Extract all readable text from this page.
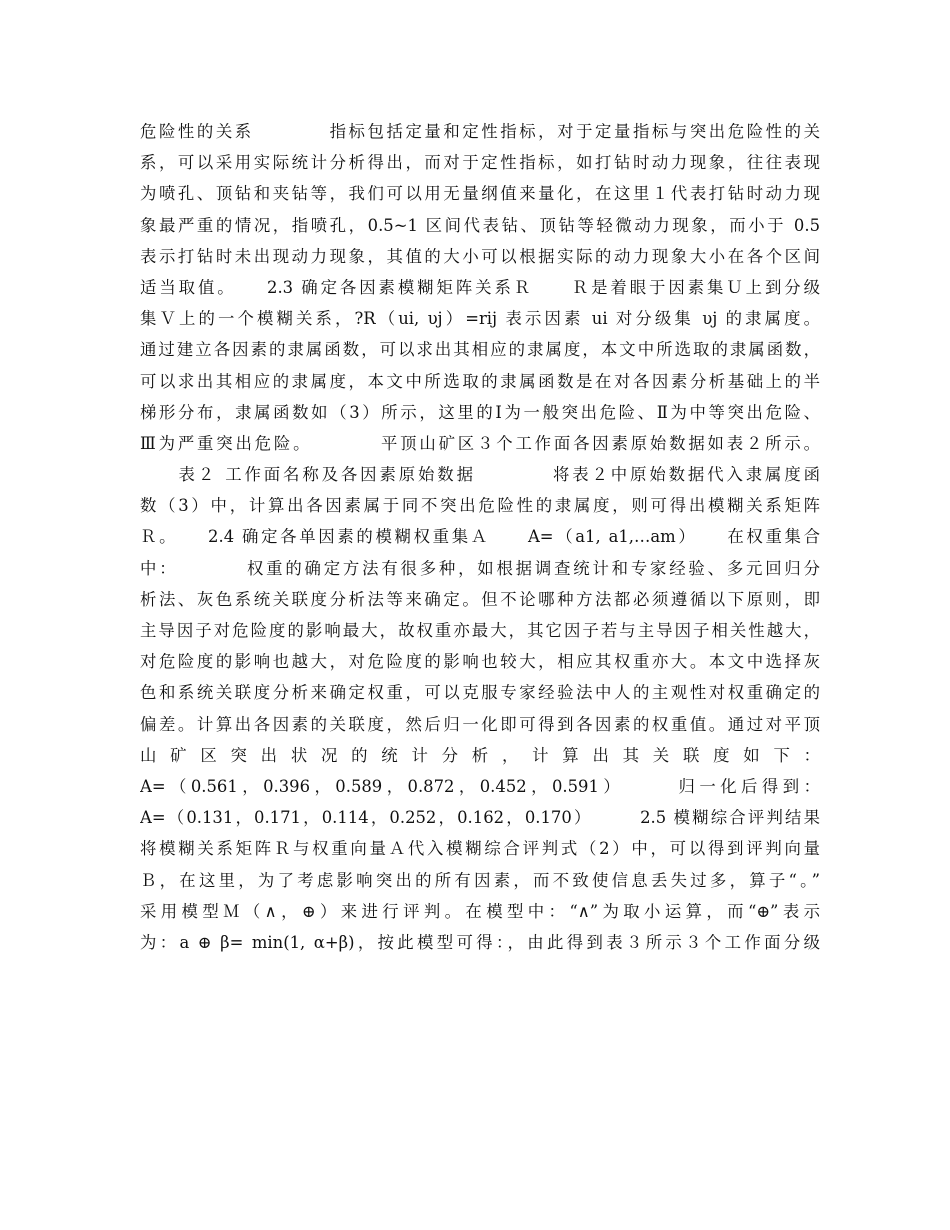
危险性的关系　　　　指标包括定量和定性指标，对于定量指标与突出危险性的关
系，可以采用实际统计分析得出，而对于定性指标，如打钻时动力现象，往往表现
为喷孔、顶钻和夹钻等，我们可以用无量纲值来量化，在这里１代表打钻时动力现
象最严重的情况，指喷孔，0.5~1 区间代表钻、顶钻等轻微动力现象，而小于 0.5
表示打钻时未出现动力现象，其值的大小可以根据实际的动力现象大小在各个区间
适当取值。　　2.3 确定各因素模糊矩阵关系Ｒ　　Ｒ是着眼于因素集Ｕ上到分级
集Ｖ上的一个模糊关系，?R（ui, υj）=rij 表示因素 ui 对分级集 υj 的隶属度。
通过建立各因素的隶属函数，可以求出其相应的隶属度，本文中所选取的隶属函数，
可以求出其相应的隶属度，本文中所选取的隶属函数是在对各因素分析基础上的半
梯形分布，隶属函数如（3）所示，这里的Ⅰ为一般突出危险、Ⅱ为中等突出危险、
Ⅲ为严重突出危险。　　　　平顶山矿区３个工作面各因素原始数据如表２所示。
　　表２ 工作面名称及各因素原始数据　　　　将表２中原始数据代入隶属度函
数（3）中，计算出各因素属于同不突出危险性的隶属度，则可得出模糊关系矩阵
Ｒ。　　2.4 确定各单因素的模糊权重集Ａ　　A=（a1, a1,…am）　　在权重集合
中：　　　　权重的确定方法有很多种，如根据调查统计和专家经验、多元回归分
析法、灰色系统关联度分析法等来确定。但不论哪种方法都必须遵循以下原则，即
主导因子对危险度的影响最大，故权重亦最大，其它因子若与主导因子相关性越大，
对危险度的影响也越大，对危险度的影响也较大，相应其权重亦大。本文中选择灰
色和系统关联度分析来确定权重，可以克服专家经验法中人的主观性对权重确定的
偏差。计算出各因素的关联度，然后归一化即可得到各因素的权重值。通过对平顶
山矿区突出状况的统计分析，计算出其关联度如下：
A=（0.561，0.396，0.589，0.872，0.452，0.591）　　　归一化后得到：
A=（0.131，0.171，0.114，0.252，0.162，0.170）　　　2.5 模糊综合评判结果
将模糊关系矩阵Ｒ与权重向量Ａ代入模糊综合评判式（2）中，可以得到评判向量
Ｂ，在这里，为了考虑影响突出的所有因素，而不致使信息丢失过多，算子“。”
采用模型Ｍ（∧，⊕）来进行评判。在模型中：“∧”为取小运算，而“⊕”表示
为：a ⊕ β= min(1, α+β)，按此模型可得：，由此得到表３所示３个工作面分级
